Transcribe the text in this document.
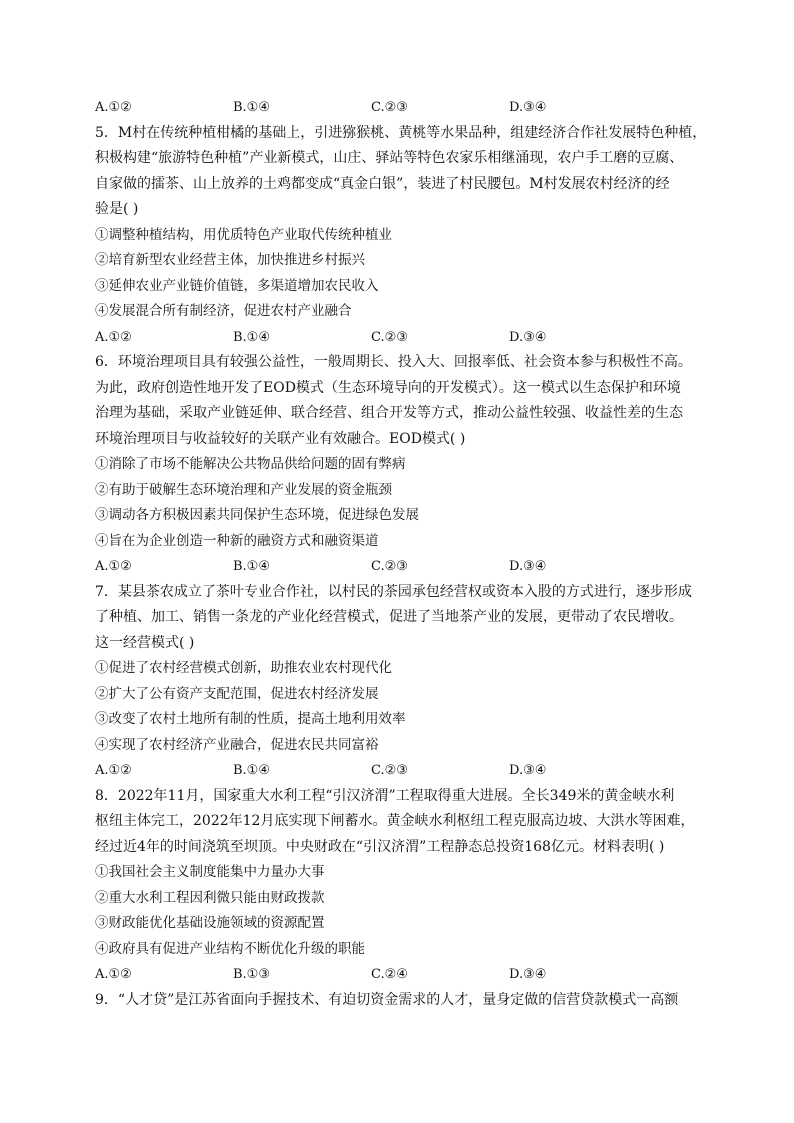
A.①②	B.①④	C.②③	D.③④
5．M村在传统种植柑橘的基础上，引进猕猴桃、黄桃等水果品种，组建经济合作社发展特色种植，
积极构建“旅游特色种植”产业新模式，山庄、驿站等特色农家乐相继涌现，农户手工磨的豆腐、
自家做的擂茶、山上放养的土鸡都变成“真金白银”，装进了村民腰包。M村发展农村经济的经
验是( )
①调整种植结构，用优质特色产业取代传统种植业
②培育新型农业经营主体，加快推进乡村振兴
③延伸农业产业链价值链，多渠道增加农民收入
④发展混合所有制经济，促进农村产业融合
A.①②	B.①④	C.②③	D.③④
6．环境治理项目具有较强公益性，一般周期长、投入大、回报率低、社会资本参与积极性不高。
为此，政府创造性地开发了EOD模式（生态环境导向的开发模式）。这一模式以生态保护和环境
治理为基础，采取产业链延伸、联合经营、组合开发等方式，推动公益性较强、收益性差的生态
环境治理项目与收益较好的关联产业有效融合。EOD模式( )
①消除了市场不能解决公共物品供给问题的固有弊病
②有助于破解生态环境治理和产业发展的资金瓶颈
③调动各方积极因素共同保护生态环境，促进绿色发展
④旨在为企业创造一种新的融资方式和融资渠道
A.①②	B.①④	C.②③	D.③④
7．某县茶农成立了茶叶专业合作社，以村民的茶园承包经营权或资本入股的方式进行，逐步形成
了种植、加工、销售一条龙的产业化经营模式，促进了当地茶产业的发展，更带动了农民增收。
这一经营模式( )
①促进了农村经营模式创新，助推农业农村现代化
②扩大了公有资产支配范围，促进农村经济发展
③改变了农村土地所有制的性质，提高土地利用效率
④实现了农村经济产业融合，促进农民共同富裕
A.①②	B.①④	C.②③	D.③④
8．2022年11月，国家重大水利工程“引汉济渭”工程取得重大进展。全长349米的黄金峡水利
枢纽主体完工，2022年12月底实现下闸蓄水。黄金峡水利枢纽工程克服高边坡、大洪水等困难，
经过近4年的时间浇筑至坝顶。中央财政在“引汉济渭”工程静态总投资168亿元。材料表明( )
①我国社会主义制度能集中力量办大事
②重大水利工程因利微只能由财政拨款
③财政能优化基础设施领域的资源配置
④政府具有促进产业结构不断优化升级的职能
A.①②	B.①③	C.②④	D.③④
9．“人才贷”是江苏省面向手握技术、有迫切资金需求的人才，量身定做的信营贷款模式一高额
